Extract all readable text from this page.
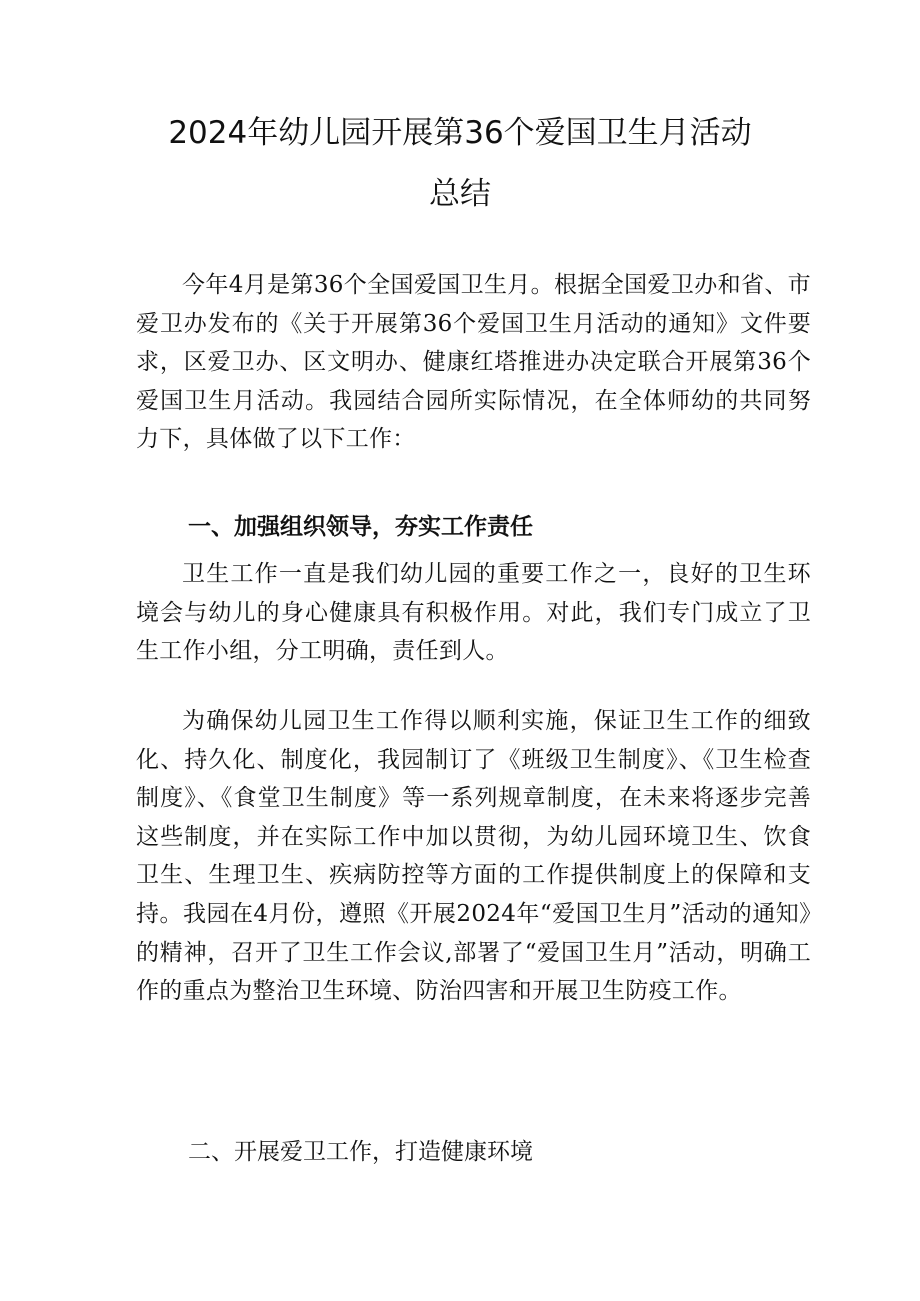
2024年幼儿园开展第36个爱国卫生月活动
总结

今年4月是第36个全国爱国卫生月。根据全国爱卫办和省、市爱卫办发布的《关于开展第36个爱国卫生月活动的通知》文件要求，区爱卫办、区文明办、健康红塔推进办决定联合开展第36个爱国卫生月活动。我园结合园所实际情况，在全体师幼的共同努力下，具体做了以下工作：

一、加强组织领导，夯实工作责任

卫生工作一直是我们幼儿园的重要工作之一，良好的卫生环境会与幼儿的身心健康具有积极作用。对此，我们专门成立了卫生工作小组，分工明确，责任到人。

为确保幼儿园卫生工作得以顺利实施，保证卫生工作的细致化、持久化、制度化，我园制订了《班级卫生制度》、《卫生检查制度》、《食堂卫生制度》等一系列规章制度，在未来将逐步完善这些制度，并在实际工作中加以贯彻，为幼儿园环境卫生、饮食卫生、生理卫生、疾病防控等方面的工作提供制度上的保障和支持。我园在4月份，遵照《开展2024年“爱国卫生月”活动的通知》的精神，召开了卫生工作会议,部署了“爱国卫生月”活动，明确工作的重点为整治卫生环境、防治四害和开展卫生防疫工作。

二、开展爱卫工作，打造健康环境
